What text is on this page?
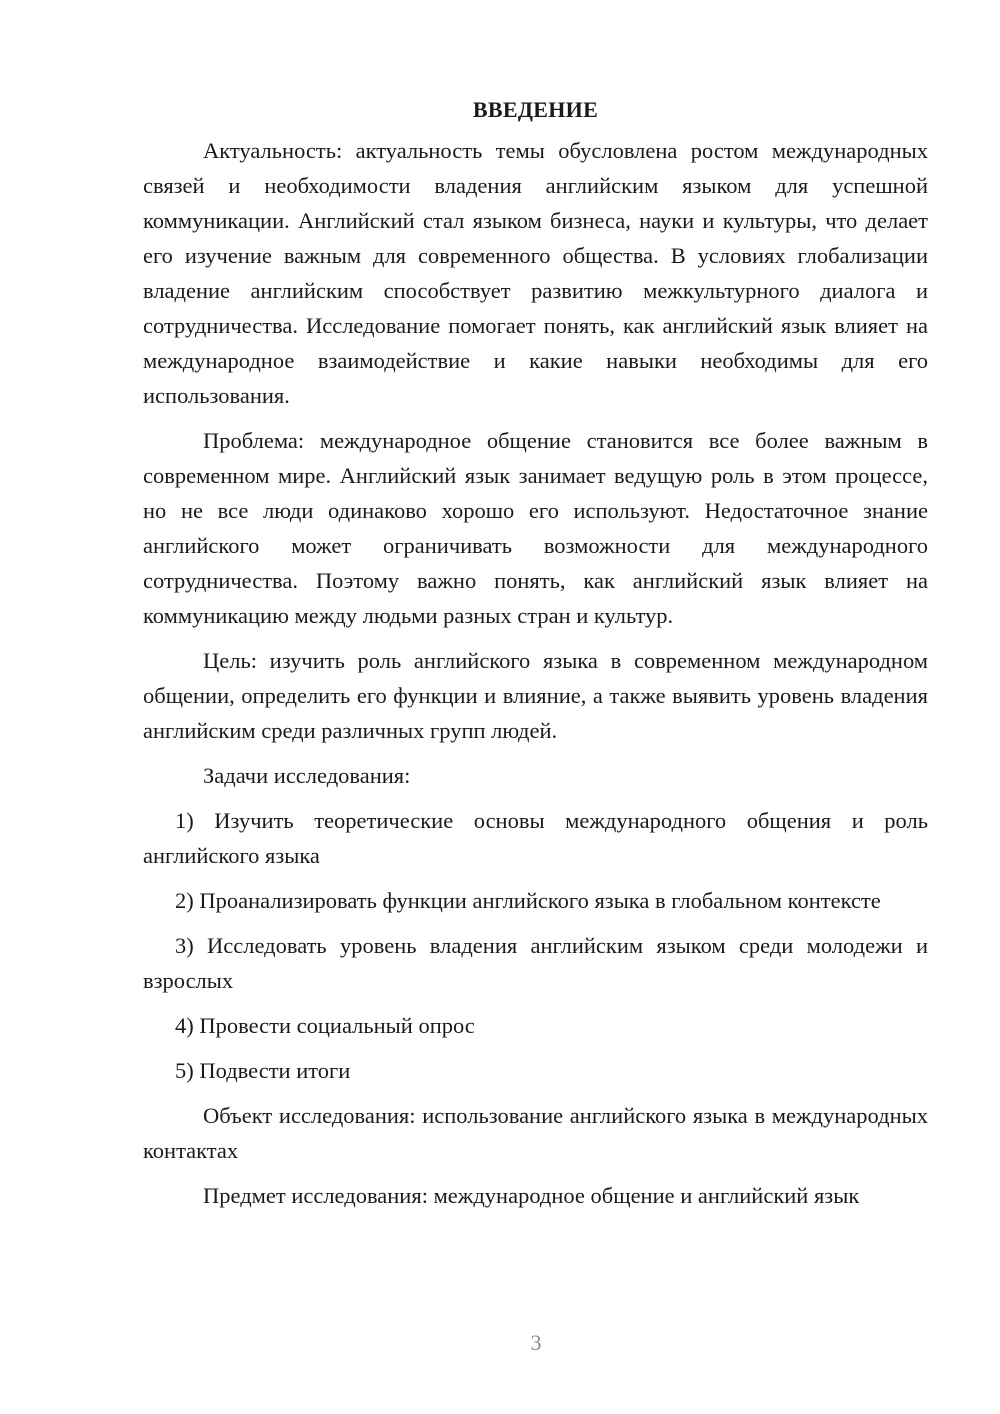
ВВЕДЕНИЕ

Актуальность: актуальность темы обусловлена ростом международных связей и необходимости владения английским языком для успешной коммуникации. Английский стал языком бизнеса, науки и культуры, что делает его изучение важным для современного общества. В условиях глобализации владение английским способствует развитию межкультурного диалога и сотрудничества. Исследование помогает понять, как английский язык влияет на международное взаимодействие и какие навыки необходимы для его использования.

Проблема: международное общение становится все более важным в современном мире. Английский язык занимает ведущую роль в этом процессе, но не все люди одинаково хорошо его используют. Недостаточное знание английского может ограничивать возможности для международного сотрудничества. Поэтому важно понять, как английский язык влияет на коммуникацию между людьми разных стран и культур.

Цель: изучить роль английского языка в современном международном общении, определить его функции и влияние, а также выявить уровень владения английским среди различных групп людей.

Задачи исследования:

1) Изучить теоретические основы международного общения и роль английского языка

2) Проанализировать функции английского языка в глобальном контексте

3) Исследовать уровень владения английским языком среди молодежи и взрослых

4) Провести социальный опрос

5) Подвести итоги

Объект исследования: использование английского языка в международных контактах

Предмет исследования: международное общение и английский язык

3
